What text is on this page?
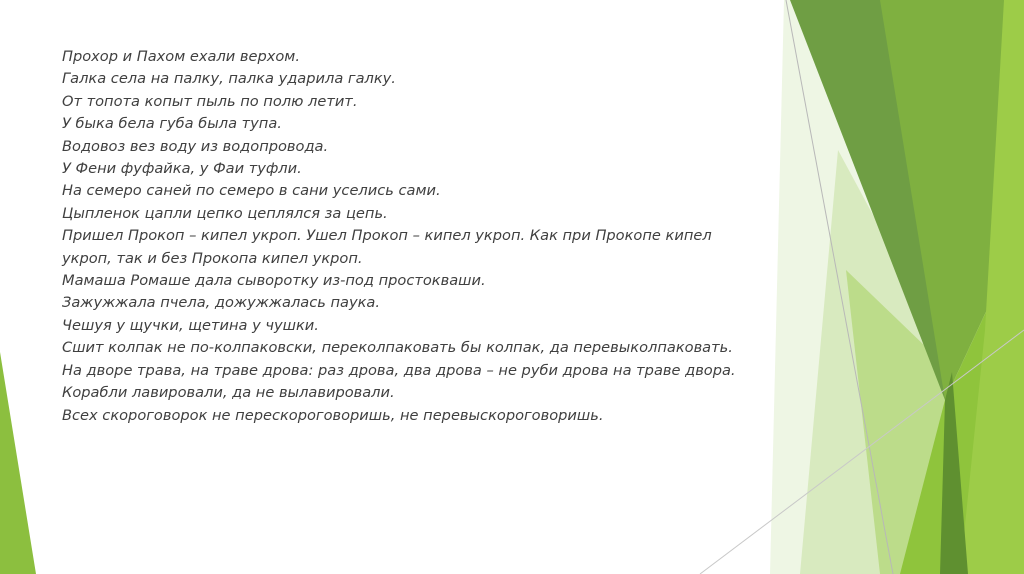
Прохор и Пахом ехали верхом.
Галка села на палку, палка ударила галку.
От топота копыт пыль по полю летит.
У быка бела губа была тупа.
Водовоз вез воду из водопровода.
У Фени фуфайка, у Фаи туфли.
На семеро саней по семеро в сани уселись сами.
Цыпленок цапли цепко цеплялся за цепь.
Пришел Прокоп – кипел укроп. Ушел Прокоп – кипел укроп. Как при Прокопе кипел укроп, так и без Прокопа кипел укроп.
Мамаша Ромаше дала сыворотку из-под простокваши.
Зажужжала пчела, дожужжалась паука.
Чешуя у щучки, щетина у чушки.
Сшит колпак не по-колпаковски, переколпаковать бы колпак, да перевыколпаковать.
На дворе трава, на траве дрова: раз дрова, два дрова – не руби дрова на траве двора.
Корабли лавировали, да не вылавировали.
Всех скороговорок не перескороговоришь, не перевыскороговоришь.
